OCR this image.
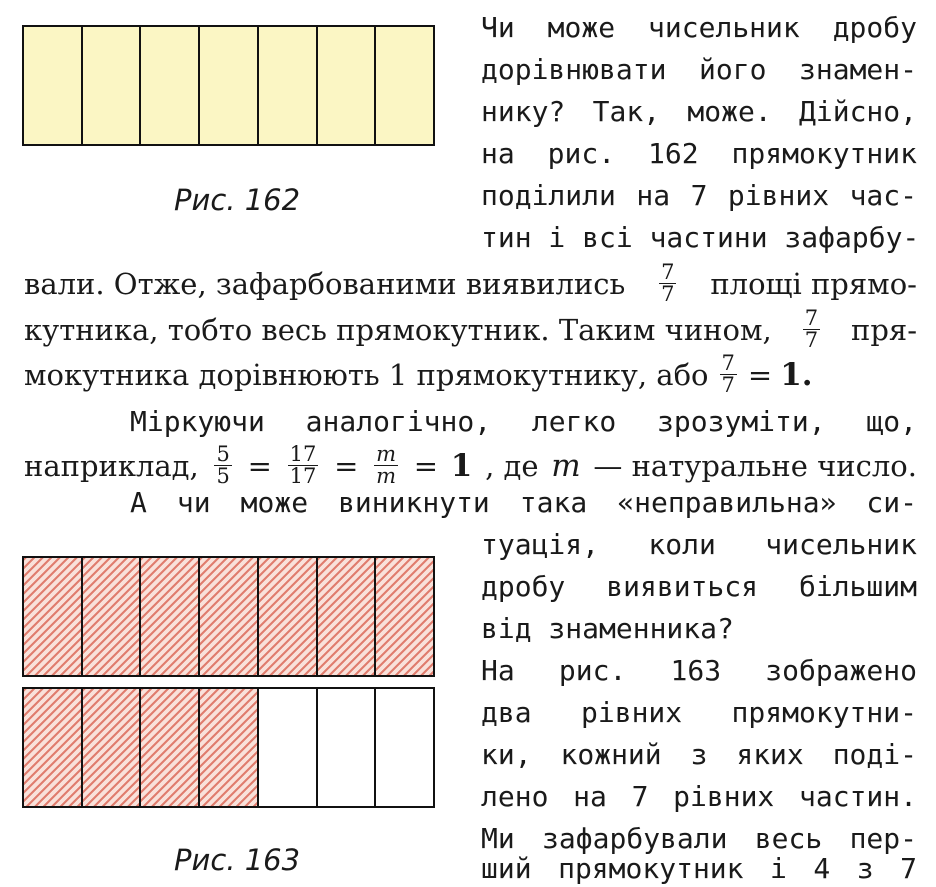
Рис. 162
Рис. 163
Чи може чисельник дробу
дорівнювати його знамен-
нику? Так, може. Дійсно,
на рис. 162 прямокутник
поділили на 7 рівних час-
тин і всі частини зафарбу-
вали. Отже, зафарбованими виявились $\frac{7}{7}$ площі прямо-
кутника, тобто весь прямокутник. Таким чином, $\frac{7}{7} пря-$
мокутника дорівнюють 1 прямокутнику, або $\frac{7}{7} = 1$.
Міркуючи аналогічно, легко зрозуміти, що,
наприклад, $\frac{5}{5} = \frac{17}{17} = \frac{m}{m} = 1$ , де m — натуральне число.
А чи може виникнути така «неправильна» си-
туація, коли чисельник
дробу виявиться більшим
від знаменника?
На рис. 163 зображено
два рівних прямокутни-
ки, кожний з яких поді-
лено на 7 рівних частин.
Ми зафарбували весь пер-
ший прямокутник і 4 з 7
